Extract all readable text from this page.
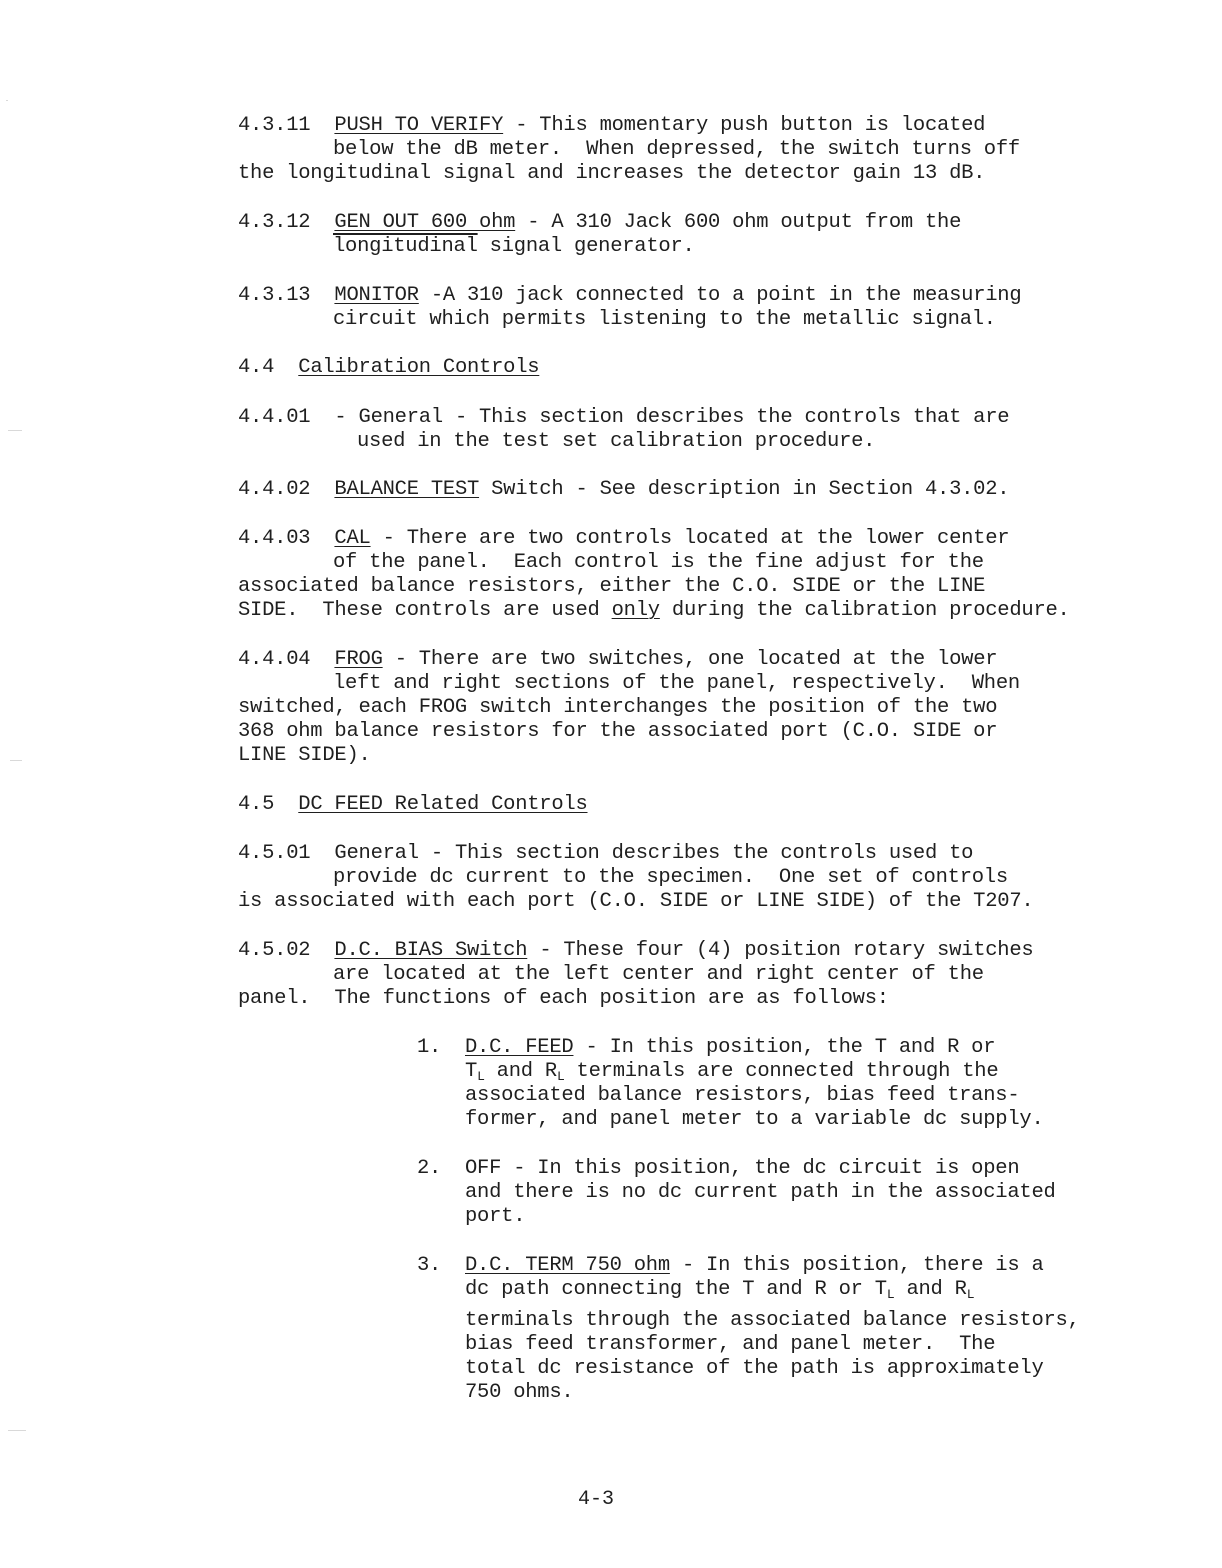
4.3.11 PUSH TO VERIFY - This momentary push button is located
below the dB meter.  When depressed, the switch turns off
the longitudinal signal and increases the detector gain 13 dB.
4.3.12 GEN OUT 600 ohm - A 310 Jack 600 ohm output from the
longitudinal signal generator.
4.3.13 MONITOR -A 310 jack connected to a point in the measuring
circuit which permits listening to the metallic signal.
4.4 Calibration Controls
4.4.01 - General - This section describes the controls that are
used in the test set calibration procedure.
4.4.02 BALANCE TEST Switch - See description in Section 4.3.02.
4.4.03 CAL - There are two controls located at the lower center
of the panel.  Each control is the fine adjust for the
associated balance resistors, either the C.O. SIDE or the LINE
SIDE.  These controls are used only during the calibration procedure.
4.4.04 FROG - There are two switches, one located at the lower
left and right sections of the panel, respectively.  When
switched, each FROG switch interchanges the position of the two
368 ohm balance resistors for the associated port (C.O. SIDE or
LINE SIDE).
4.5 DC FEED Related Controls
4.5.01 General - This section describes the controls used to
provide dc current to the specimen.  One set of controls
is associated with each port (C.O. SIDE or LINE SIDE) of the T207.
4.5.02 D.C. BIAS Switch - These four (4) position rotary switches
are located at the left center and right center of the
panel.  The functions of each position are as follows:
1. D.C. FEED - In this position, the T and R or
$T_L$ and $R_L$ terminals are connected through the
associated balance resistors, bias feed trans-
former, and panel meter to a variable dc supply.
2. OFF - In this position, the dc circuit is open
and there is no dc current path in the associated
port.
3. D.C. TERM 750 ohm - In this position, there is a
dc path connecting the T and R or $T_L$ and $R_L$
terminals through the associated balance resistors,
bias feed transformer, and panel meter.  The
total dc resistance of the path is approximately
750 ohms.
4-3
